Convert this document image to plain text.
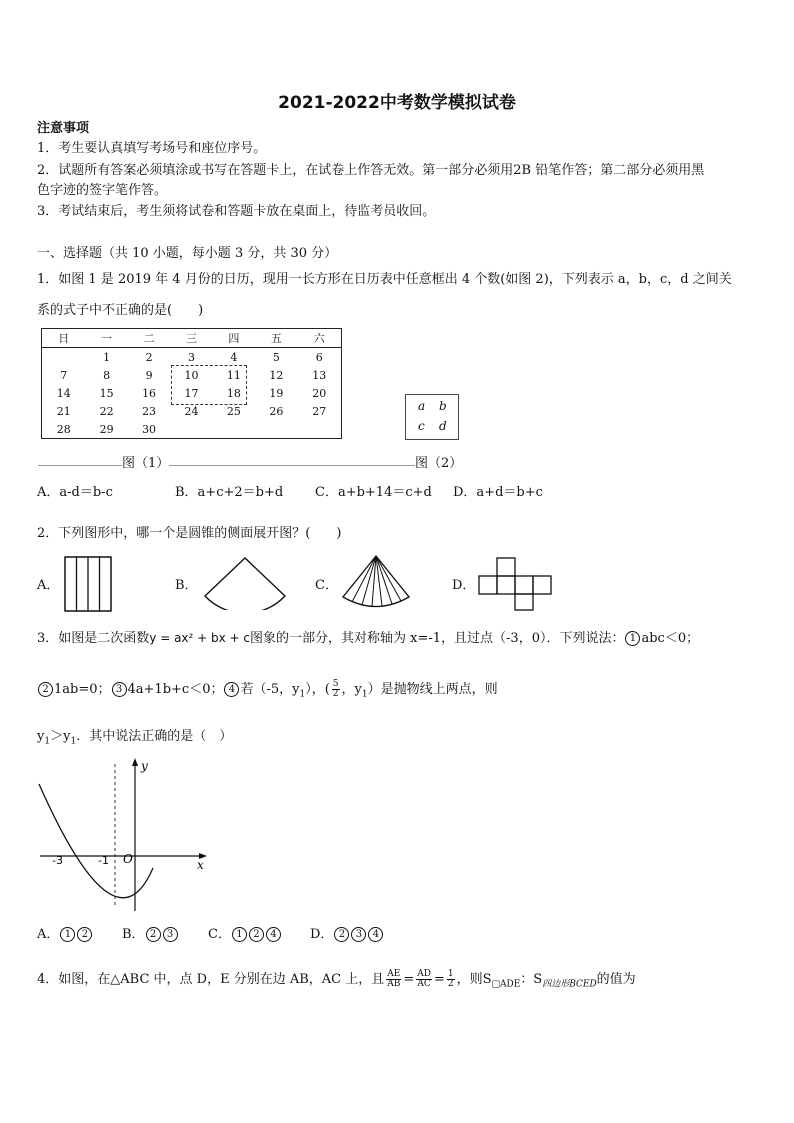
2021-2022中考数学模拟试卷
注意事项
1．考生要认真填写考场号和座位序号。
2．试题所有答案必须填涂或书写在答题卡上，在试卷上作答无效。第一部分必须用2B 铅笔作答；第二部分必须用黑
色字迹的签字笔作答。
3．考试结束后，考生须将试卷和答题卡放在桌面上，待监考员收回。
一、选择题（共 10 小题，每小题 3 分，共 30 分）
1．如图 1 是 2019 年 4 月份的日历，现用一长方形在日历表中任意框出 4 个数(如图 2)，下列表示 a，b，c，d 之间关
系的式子中不正确的是(　　)
日	一	二	三	四	五	六
	1	2	3	4	5	6
7	8	9	10	11	12	13
14	15	16	17	18	19	20
21	22	23	24	25	26	27
28	29	30				
a b
c d
图（1）	图（2）
A．a-d＝b-c	B．a+c+2＝b+d C．a+b+14＝c+d D．a+d＝b+c
2．下列图形中，哪一个是圆锥的侧面展开图？(　　)
A．	B．	C．	D．
3．如图是二次函数y = ax² + bx + c图象的一部分，其对称轴为 x=-1，且过点（-3，0）．下列说法： 1 abc＜0；
2 1ab=0； 3 4a+1b+c＜0； 4 若（-5，$y_1$），( $\frac{5}{2}$ ，$y_1$）是抛物线上两点，则
$y_1>y_1$．其中说法正确的是（　）
y
x
O
-3	-1
A． 1 2	B． 2 3	C． 1 2 4	D． 2 3 4
4．如图，在△ABC 中，点 D，E 分别在边 AB，AC 上，且 $\frac{AE}{AB} = \frac{AD}{AC} = \frac{1}{2}$ ，则$S_{□ADE}$：$S_{四边形BCED}$的值为
